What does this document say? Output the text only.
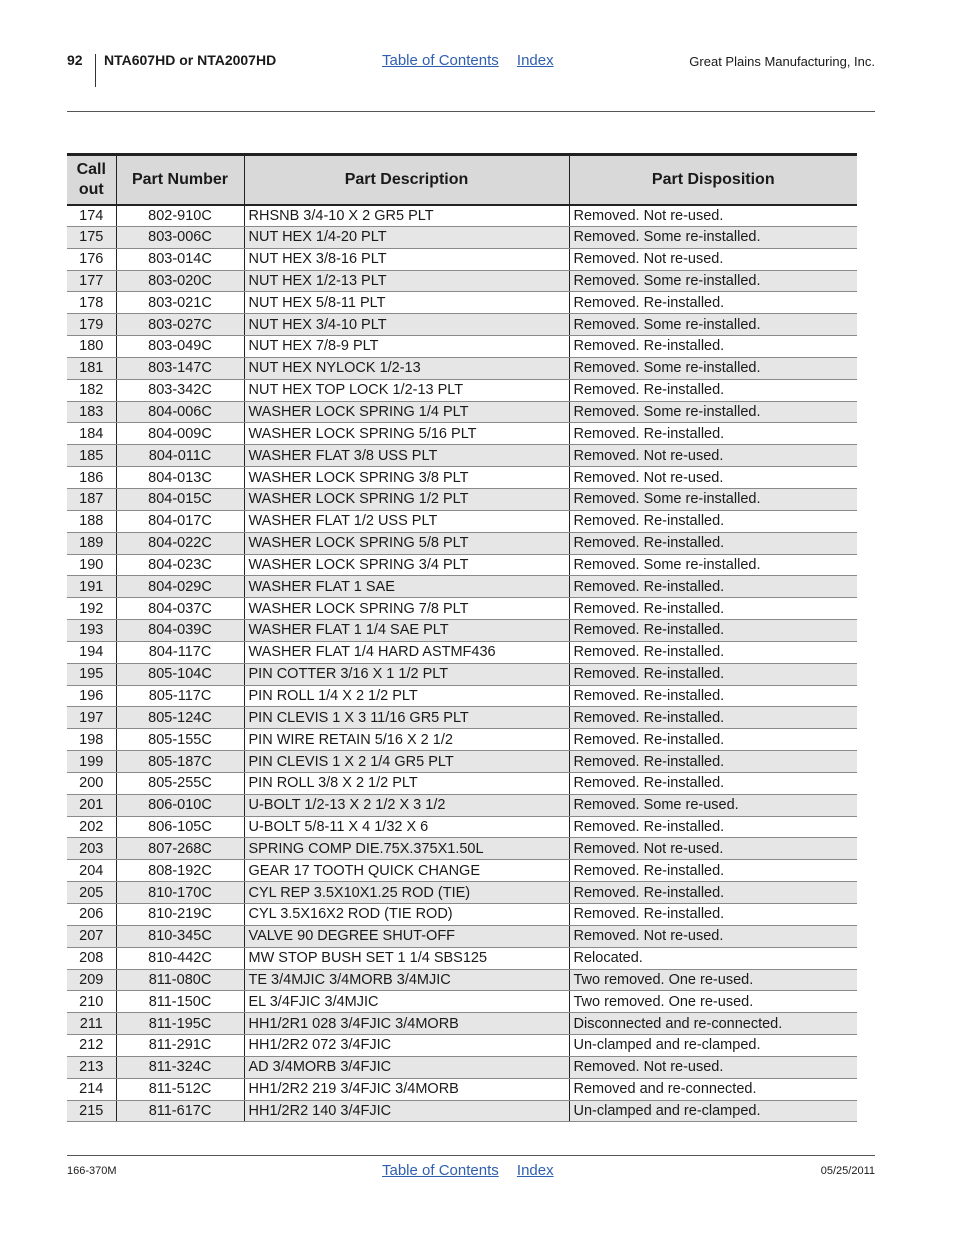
92 NTA607HD or NTA2007HD	Table of Contents Index	Great Plains Manufacturing, Inc.
Call out	Part Number	Part Description	Part Disposition
174	802-910C	RHSNB 3/4-10 X 2 GR5 PLT	Removed. Not re-used.
175	803-006C	NUT HEX 1/4-20 PLT	Removed. Some re-installed.
176	803-014C	NUT HEX 3/8-16 PLT	Removed. Not re-used.
177	803-020C	NUT HEX 1/2-13 PLT	Removed. Some re-installed.
178	803-021C	NUT HEX 5/8-11 PLT	Removed. Re-installed.
179	803-027C	NUT HEX 3/4-10 PLT	Removed. Some re-installed.
180	803-049C	NUT HEX 7/8-9 PLT	Removed. Re-installed.
181	803-147C	NUT HEX NYLOCK 1/2-13	Removed. Some re-installed.
182	803-342C	NUT HEX TOP LOCK 1/2-13 PLT	Removed. Re-installed.
183	804-006C	WASHER LOCK SPRING 1/4 PLT	Removed. Some re-installed.
184	804-009C	WASHER LOCK SPRING 5/16 PLT	Removed. Re-installed.
185	804-011C	WASHER FLAT 3/8 USS PLT	Removed. Not re-used.
186	804-013C	WASHER LOCK SPRING 3/8 PLT	Removed. Not re-used.
187	804-015C	WASHER LOCK SPRING 1/2 PLT	Removed. Some re-installed.
188	804-017C	WASHER FLAT 1/2 USS PLT	Removed. Re-installed.
189	804-022C	WASHER LOCK SPRING 5/8 PLT	Removed. Re-installed.
190	804-023C	WASHER LOCK SPRING 3/4 PLT	Removed. Some re-installed.
191	804-029C	WASHER FLAT 1 SAE	Removed. Re-installed.
192	804-037C	WASHER LOCK SPRING 7/8 PLT	Removed. Re-installed.
193	804-039C	WASHER FLAT 1 1/4 SAE PLT	Removed. Re-installed.
194	804-117C	WASHER FLAT 1/4 HARD ASTMF436	Removed. Re-installed.
195	805-104C	PIN COTTER 3/16 X 1 1/2 PLT	Removed. Re-installed.
196	805-117C	PIN ROLL 1/4 X 2 1/2 PLT	Removed. Re-installed.
197	805-124C	PIN CLEVIS 1 X 3 11/16 GR5 PLT	Removed. Re-installed.
198	805-155C	PIN WIRE RETAIN 5/16 X 2 1/2	Removed. Re-installed.
199	805-187C	PIN CLEVIS 1 X 2 1/4 GR5 PLT	Removed. Re-installed.
200	805-255C	PIN ROLL 3/8 X 2 1/2 PLT	Removed. Re-installed.
201	806-010C	U-BOLT 1/2-13 X 2 1/2 X 3 1/2	Removed. Some re-used.
202	806-105C	U-BOLT 5/8-11 X 4 1/32 X 6	Removed. Re-installed.
203	807-268C	SPRING COMP DIE.75X.375X1.50L	Removed. Not re-used.
204	808-192C	GEAR 17 TOOTH QUICK CHANGE	Removed. Re-installed.
205	810-170C	CYL REP 3.5X10X1.25 ROD (TIE)	Removed. Re-installed.
206	810-219C	CYL 3.5X16X2 ROD (TIE ROD)	Removed. Re-installed.
207	810-345C	VALVE 90 DEGREE SHUT-OFF	Removed. Not re-used.
208	810-442C	MW STOP BUSH SET 1 1/4 SBS125	Relocated.
209	811-080C	TE 3/4MJIC 3/4MORB 3/4MJIC	Two removed. One re-used.
210	811-150C	EL 3/4FJIC 3/4MJIC	Two removed. One re-used.
211	811-195C	HH1/2R1 028 3/4FJIC 3/4MORB	Disconnected and re-connected.
212	811-291C	HH1/2R2 072 3/4FJIC	Un-clamped and re-clamped.
213	811-324C	AD 3/4MORB 3/4FJIC	Removed. Not re-used.
214	811-512C	HH1/2R2 219 3/4FJIC 3/4MORB	Removed and re-connected.
215	811-617C	HH1/2R2 140 3/4FJIC	Un-clamped and re-clamped.
166-370M	Table of Contents Index	05/25/2011
